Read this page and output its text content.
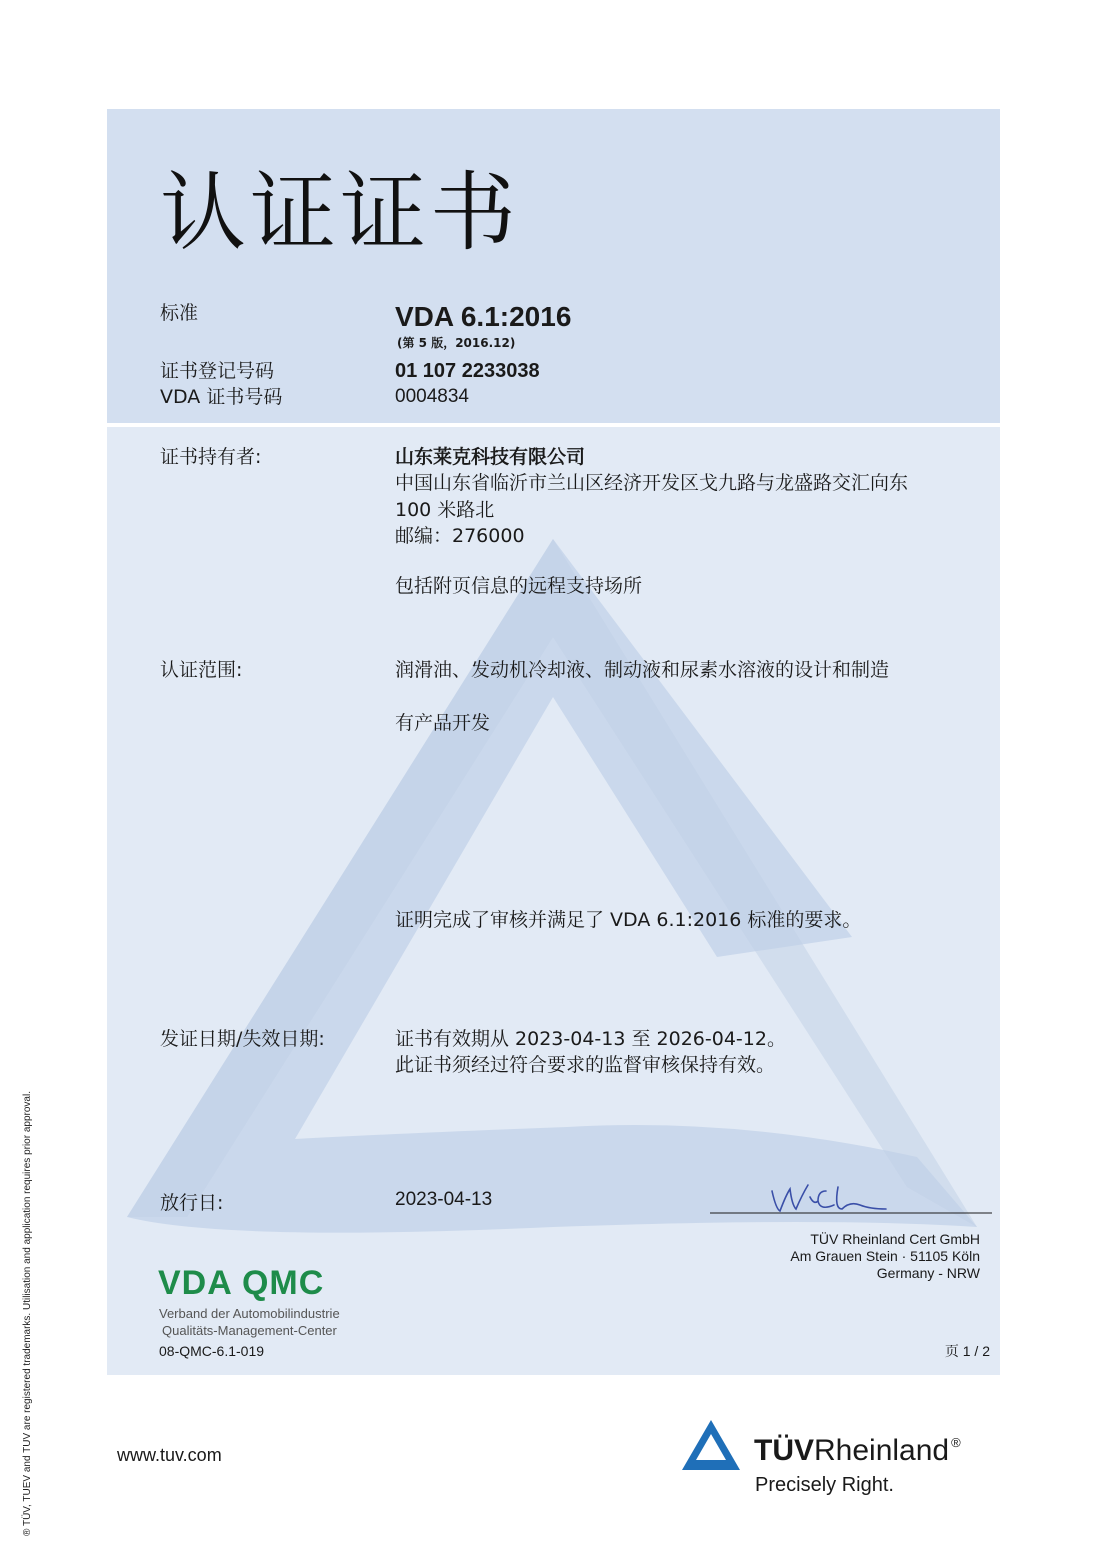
认证证书
标准	VDA 6.1:2016
(第 5 版，2016.12)
证书登记号码	01 107 2233038
VDA 证书号码	0004834
证书持有者:	山东莱克科技有限公司
中国山东省临沂市兰山区经济开发区戈九路与龙盛路交汇向东
100 米路北
邮编：276000
包括附页信息的远程支持场所
认证范围:	润滑油、发动机冷却液、制动液和尿素水溶液的设计和制造
有产品开发
证明完成了审核并满足了 VDA 6.1:2016 标准的要求。
发证日期/失效日期:	证书有效期从 2023-04-13 至 2026-04-12。
此证书须经过符合要求的监督审核保持有效。
放行日:	2023-04-13
TÜV Rheinland Cert GmbH
Am Grauen Stein · 51105 Köln
Germany - NRW
VDA QMC
Verband der Automobilindustrie
Qualitäts-Management-Center
08-QMC-6.1-019	页 1 / 2
www.tuv.com	TÜVRheinland ®
Precisely Right.
® TÜV, TUEV and TUV are registered trademarks. Utilisation and application requires prior approval.
